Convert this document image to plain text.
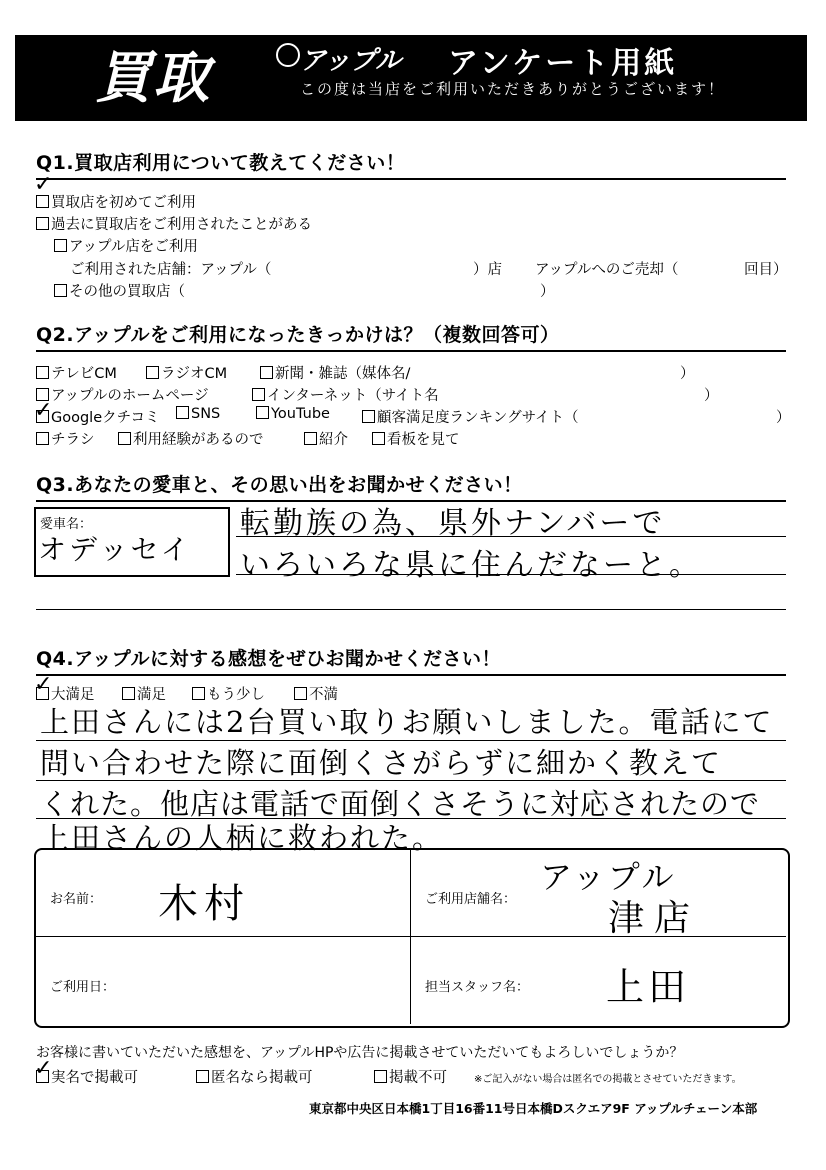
買取	アップル アンケート用紙
この度は当店をご利用いただきありがとうございます！
Q1.買取店利用について教えてください！
✓
買取店を初めてご利用
過去に買取店をご利用されたことがある
アップル店をご利用
ご利用された店舗：アップル（	）店 アップルへのご売却（	回目）
その他の買取店（	）
Q2.アップルをご利用になったきっかけは？（複数回答可）
テレビCM	ラジオCM	新聞・雑誌（媒体名/	）
アップルのホームページ	インターネット（サイト名	）
✓
Googleクチコミ	SNS	YouTube	顧客満足度ランキングサイト（	）
チラシ	利用経験があるので	紹介	看板を見て
Q3.あなたの愛車と、その思い出をお聞かせください！
愛車名：
オデッセイ
転勤族の為、県外ナンバーで
いろいろな県に住んだなーと。
Q4.アップルに対する感想をぜひお聞かせください！
✓
大満足	満足	もう少し	不満
上田さんには2台買い取りお願いしました。電話にて
問い合わせた際に面倒くさがらずに細かく教えて
くれた。他店は電話で面倒くさそうに対応されたので
上田さんの人柄に救われた。
お名前： 木村	ご利用店舗名：
アップル
津店
ご利用日：	担当スタッフ名： 上田
お客様に書いていただいた感想を、アップルHPや広告に掲載させていただいてもよろしいでしょうか？
✓
実名で掲載可	匿名なら掲載可	掲載不可	※ご記入がない場合は匿名での掲載とさせていただきます。
東京都中央区日本橋1丁目16番11号日本橋Dスクエア9F アップルチェーン本部
